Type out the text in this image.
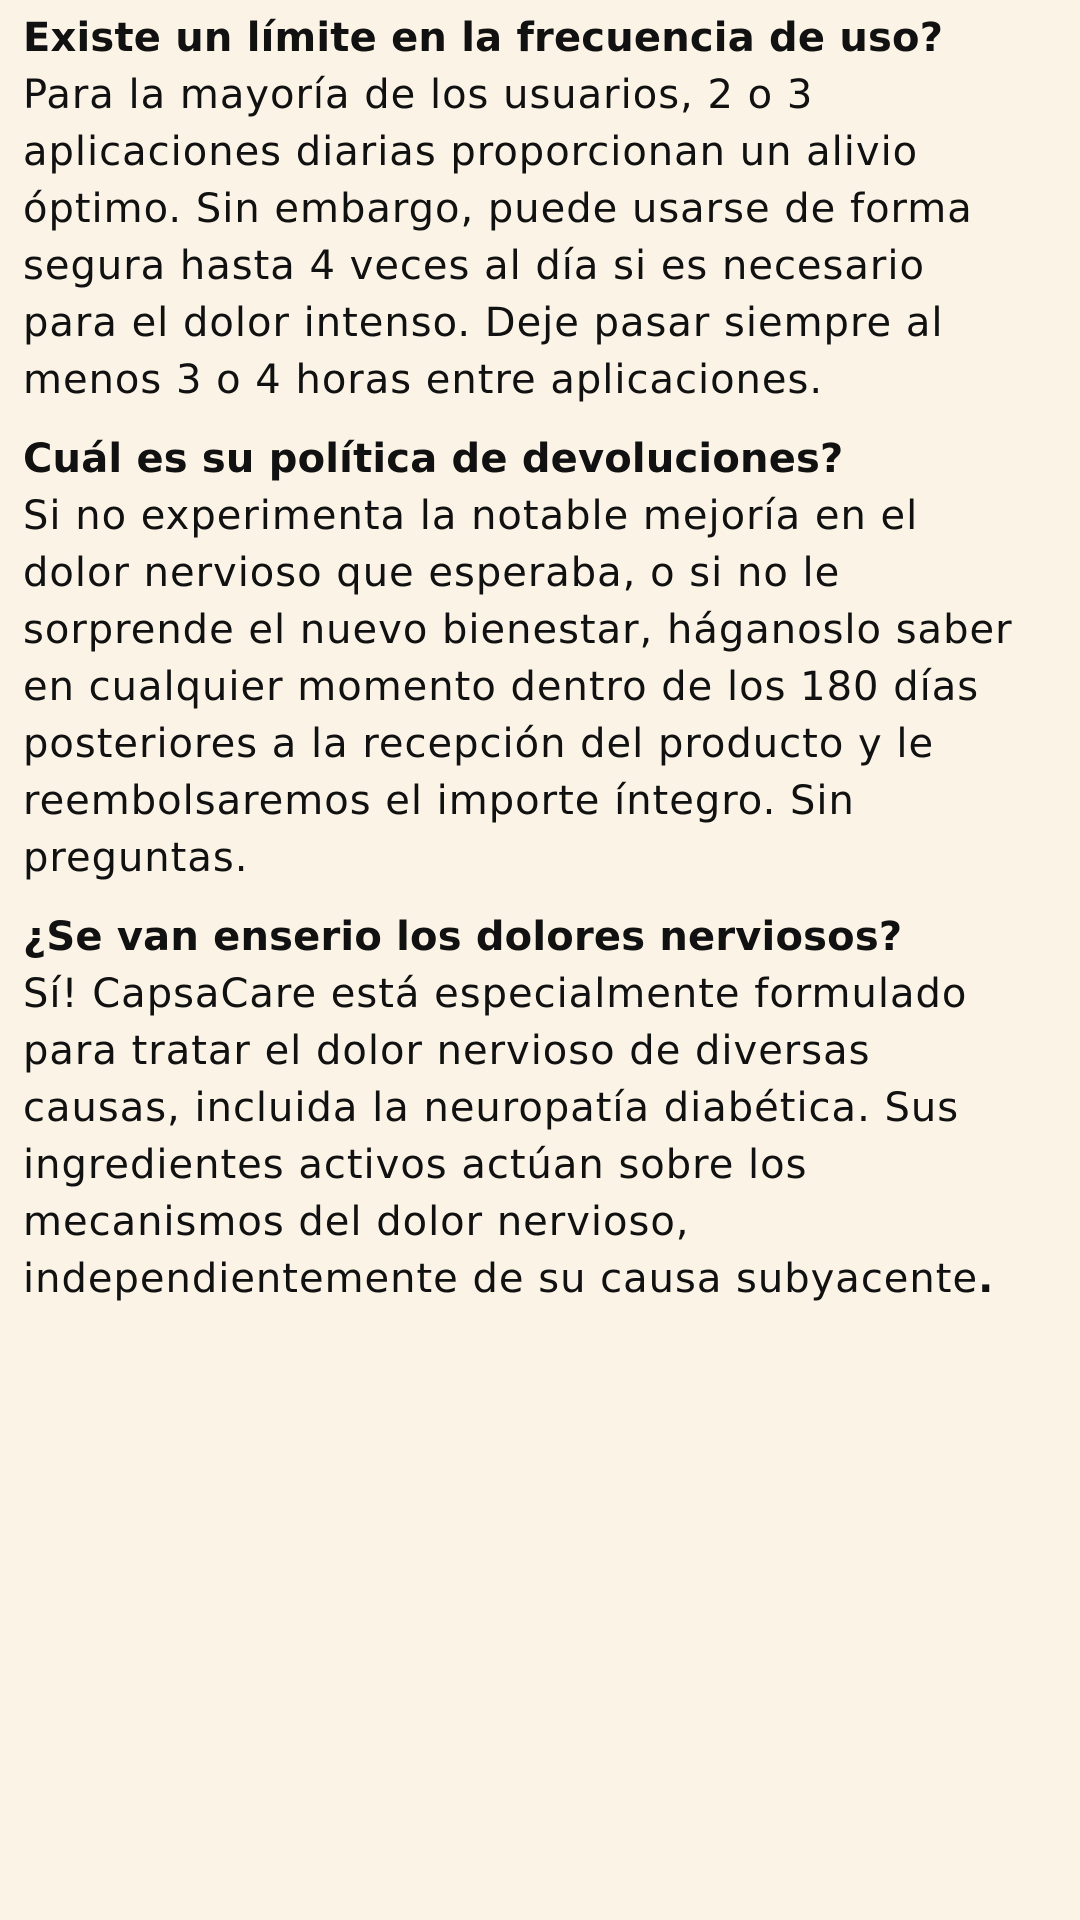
Existe un límite en la frecuencia de uso?

Para la mayoría de los usuarios, 2 o 3
aplicaciones diarias proporcionan un alivio
óptimo. Sin embargo, puede usarse de forma
segura hasta 4 veces al día si es necesario
para el dolor intenso. Deje pasar siempre al
menos 3 o 4 horas entre aplicaciones.

Cuál es su política de devoluciones?

Si no experimenta la notable mejoría en el
dolor nervioso que esperaba, o si no le
sorprende el nuevo bienestar, háganoslo saber
en cualquier momento dentro de los 180 días
posteriores a la recepción del producto y le
reembolsaremos el importe íntegro. Sin
preguntas.

¿Se van enserio los dolores nerviosos?

Sí! CapsaCare está especialmente formulado
para tratar el dolor nervioso de diversas
causas, incluida la neuropatía diabética. Sus
ingredientes activos actúan sobre los
mecanismos del dolor nervioso,
independientemente de su causa subyacente.
